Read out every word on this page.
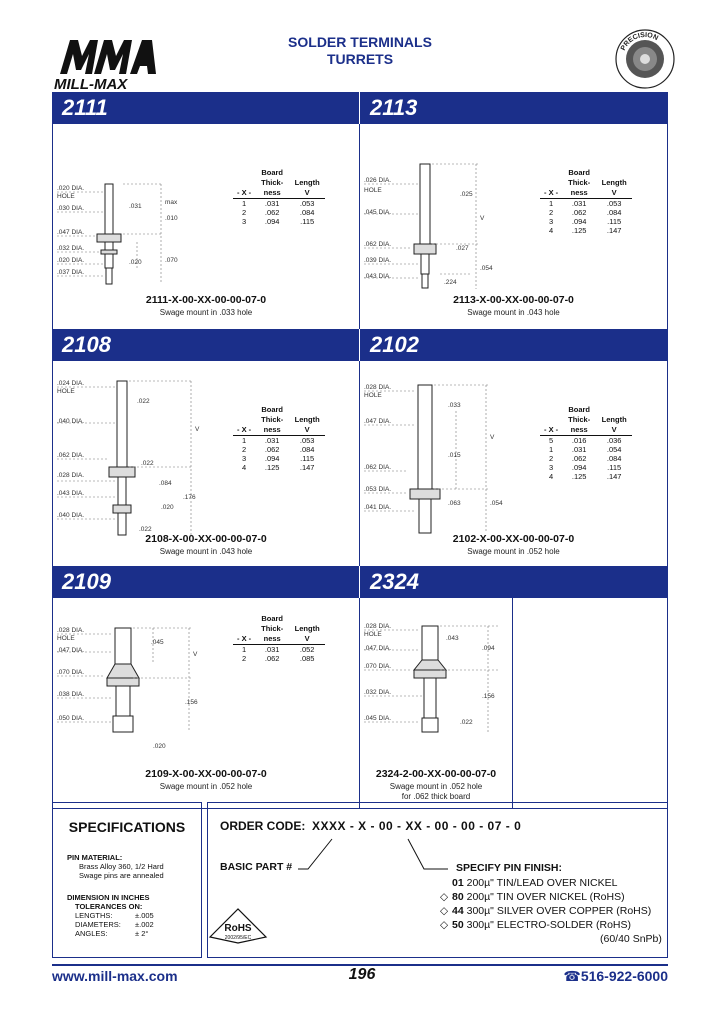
MILL-MAX
SOLDER TERMINALS
TURRETS
PRECISION
2111	2113
.020 DIA.
HOLE
.030 DIA.
.047 DIA.
.032 DIA.
.020 DIA.
.037 DIA.
.031
max
.010
.020	.070
- X -	Board Thick- ness	Length V
1	.031	.053
2	.062	.084
3	.094	.115
2111-X-00-XX-00-00-07-0
Swage mount in .033 hole
.026 DIA.
HOLE
.045 DIA.
.062 DIA.
.039 DIA.
.043 DIA.
.025
V
.027
.054
.224
- X -	Board Thick- ness	Length V
1	.031	.053
2	.062	.084
3	.094	.115
4	.125	.147
2113-X-00-XX-00-00-07-0
Swage mount in .043 hole
2108	2102
.024 DIA.
HOLE
.040 DIA.
.062 DIA.
.028 DIA.
.043 DIA.
.040 DIA.
.022
V
.022
.084
.176
.020
.022
- X -	Board Thick- ness	Length V
1	.031	.053
2	.062	.084
3	.094	.115
4	.125	.147
2108-X-00-XX-00-00-07-0
Swage mount in .043 hole
.028 DIA.
HOLE
.047 DIA.
.062 DIA.
.053 DIA.
.041 DIA.
.033
V
.015
.063	.054
- X -	Board Thick- ness	Length V
5	.016	.036
1	.031	.054
2	.062	.084
3	.094	.115
4	.125	.147
2102-X-00-XX-00-00-07-0
Swage mount in .052 hole
2109	2324
.028 DIA.
HOLE
.047 DIA.
.070 DIA.
.038 DIA.
.050 DIA.
.045
V
.156
.020
- X -	Board Thick- ness	Length V
1	.031	.052
2	.062	.085
2109-X-00-XX-00-00-07-0
Swage mount in .052 hole
.028 DIA.
HOLE
.047 DIA.
.070 DIA.
.032 DIA.
.045 DIA.
.043
.094
.156
.022
2324-2-00-XX-00-00-07-0
Swage mount in .052 hole
for .062 thick board
SPECIFICATIONS
PIN MATERIAL:
Brass Alloy 360, 1/2 Hard
Swage pins are annealed
DIMENSION IN INCHES
TOLERANCES ON:
LENGTHS:	±.005
DIAMETERS: ±.002
ANGLES:	± 2°
ORDER CODE: XXXX - X - 00 - XX - 00 - 00 - 07 - 0
BASIC PART #	SPECIFY PIN FINISH:
01 200µ" TIN/LEAD OVER NICKEL
◇ 80 200µ" TIN OVER NICKEL (RoHS)
◇ 44 300µ" SILVER OVER COPPER (RoHS)
◇ 50 300µ" ELECTRO-SOLDER (RoHS)
(60/40 SnPb)
RoHS
2002/95/EC
www.mill-max.com	196	☎516-922-6000
